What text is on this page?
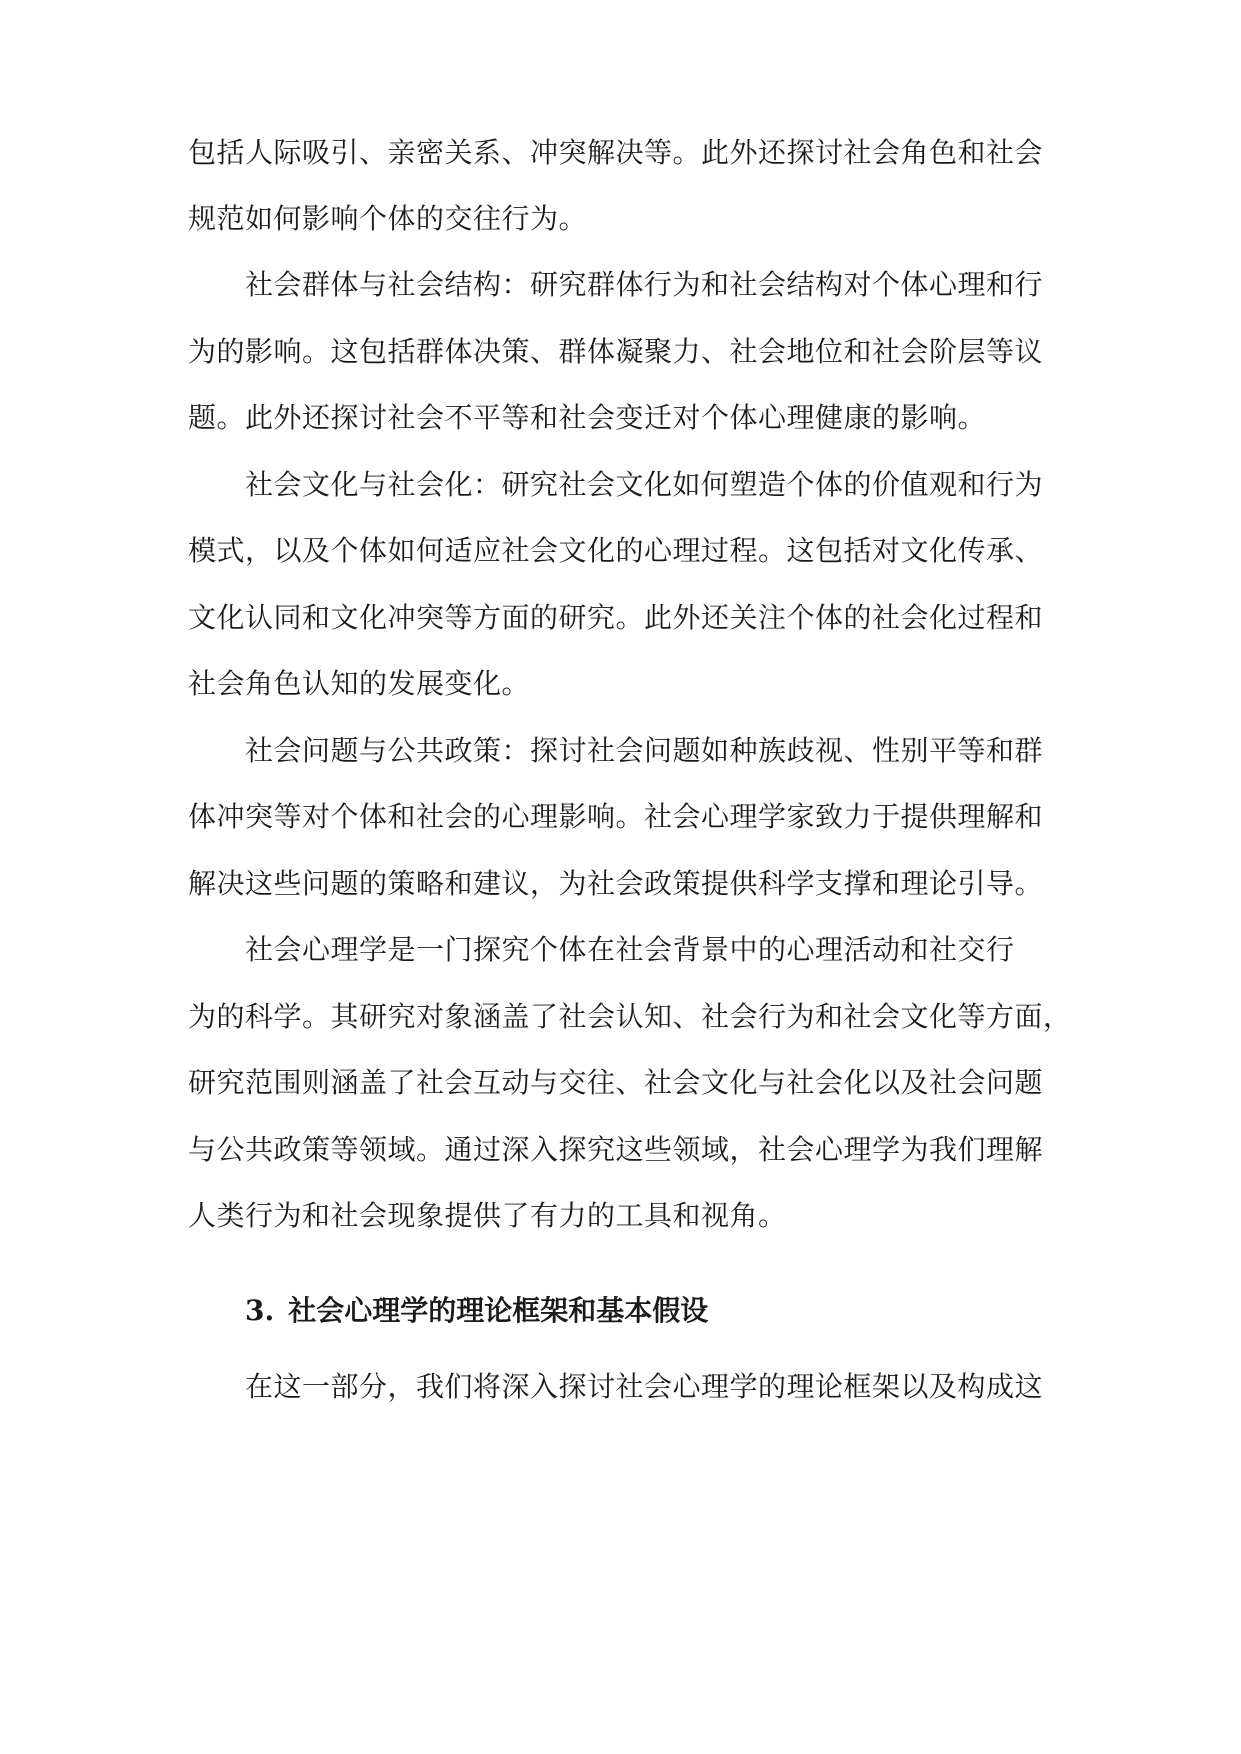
包括人际吸引、亲密关系、冲突解决等。此外还探讨社会角色和社会
规范如何影响个体的交往行为。
社会群体与社会结构：研究群体行为和社会结构对个体心理和行
为的影响。这包括群体决策、群体凝聚力、社会地位和社会阶层等议
题。此外还探讨社会不平等和社会变迁对个体心理健康的影响。
社会文化与社会化：研究社会文化如何塑造个体的价值观和行为
模式，以及个体如何适应社会文化的心理过程。这包括对文化传承、
文化认同和文化冲突等方面的研究。此外还关注个体的社会化过程和
社会角色认知的发展变化。
社会问题与公共政策：探讨社会问题如种族歧视、性别平等和群
体冲突等对个体和社会的心理影响。社会心理学家致力于提供理解和
解决这些问题的策略和建议，为社会政策提供科学支撑和理论引导。
社会心理学是一门探究个体在社会背景中的心理活动和社交行
为的科学。其研究对象涵盖了社会认知、社会行为和社会文化等方面，
研究范围则涵盖了社会互动与交往、社会文化与社会化以及社会问题
与公共政策等领域。通过深入探究这些领域，社会心理学为我们理解
人类行为和社会现象提供了有力的工具和视角。
3. 社会心理学的理论框架和基本假设
在这一部分，我们将深入探讨社会心理学的理论框架以及构成这
